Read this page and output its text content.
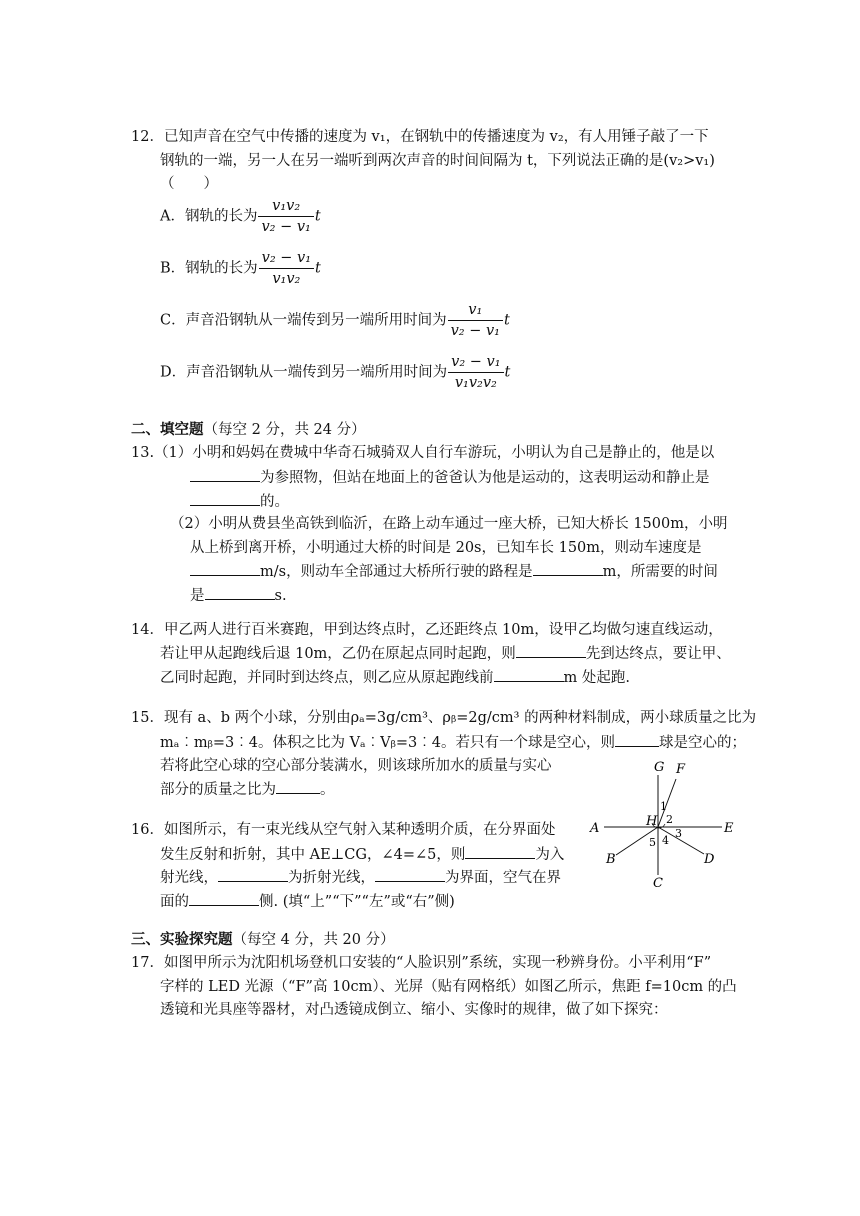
12．已知声音在空气中传播的速度为 v₁，在钢轨中的传播速度为 v₂，有人用锤子敲了一下
钢轨的一端，另一人在另一端听到两次声音的时间间隔为 t，下列说法正确的是(v₂>v₁)
（　　）
A．钢轨的长为 $\frac{\text{v₁v₂}}{\text{v₂ − v₁}}$ t
B．钢轨的长为 $\frac{\text{v₂ − v₁}}{\text{v₁v₂}}$ t
C．声音沿钢轨从一端传到另一端所用时间为 $\frac{\text{v₁}}{\text{v₂ − v₁}}$ t
D．声音沿钢轨从一端传到另一端所用时间为 $\frac{\text{v₂ − v₁}}{\text{v₁v₂v₂}}$ t
二、填空题（每空 2 分，共 24 分）
13.（1）小明和妈妈在费城中华奇石城骑双人自行车游玩，小明认为自己是静止的，他是以
为参照物，但站在地面上的爸爸认为他是运动的，这表明运动和静止是
的。
（2）小明从费县坐高铁到临沂，在路上动车通过一座大桥，已知大桥长 1500m，小明
从上桥到离开桥，小明通过大桥的时间是 20s，已知车长 150m，则动车速度是
m/s，则动车全部通过大桥所行驶的路程是	m，所需要的时间
是	s.
14．甲乙两人进行百米赛跑，甲到达终点时，乙还距终点 10m，设甲乙均做匀速直线运动，
若让甲从起跑线后退 10m，乙仍在原起点同时起跑，则	先到达终点，要让甲、
乙同时起跑，并同时到达终点，则乙应从原起跑线前	m 处起跑.
15．现有 a、b 两个小球，分别由ρₐ=3g/cm³、ρᵦ=2g/cm³ 的两种材料制成，两小球质量之比为
mₐ︰mᵦ=3︰4。体积之比为 Vₐ︰Vᵦ=3︰4。若只有一个球是空心，则	球是空心的；
若将此空心球的空心部分装满水，则该球所加水的质量与实心
部分的质量之比为	。
16．如图所示，有一束光线从空气射入某种透明介质，在分界面处
发生反射和折射，其中 AE⊥CG，∠4=∠5，则	为入
射光线，	为折射光线，	为界面，空气在界
面的	侧. (填“上”“下”“左”或“右”侧)
G F
A	E
H
B
C
D
1
2
3
4
5
三、实验探究题（每空 4 分，共 20 分）
17．如图甲所示为沈阳机场登机口安装的“人脸识别”系统，实现一秒辨身份。小平利用“F”
字样的 LED 光源（“F”高 10cm）、光屏（贴有网格纸）如图乙所示，焦距 f=10cm 的凸
透镜和光具座等器材，对凸透镜成倒立、缩小、实像时的规律，做了如下探究：
